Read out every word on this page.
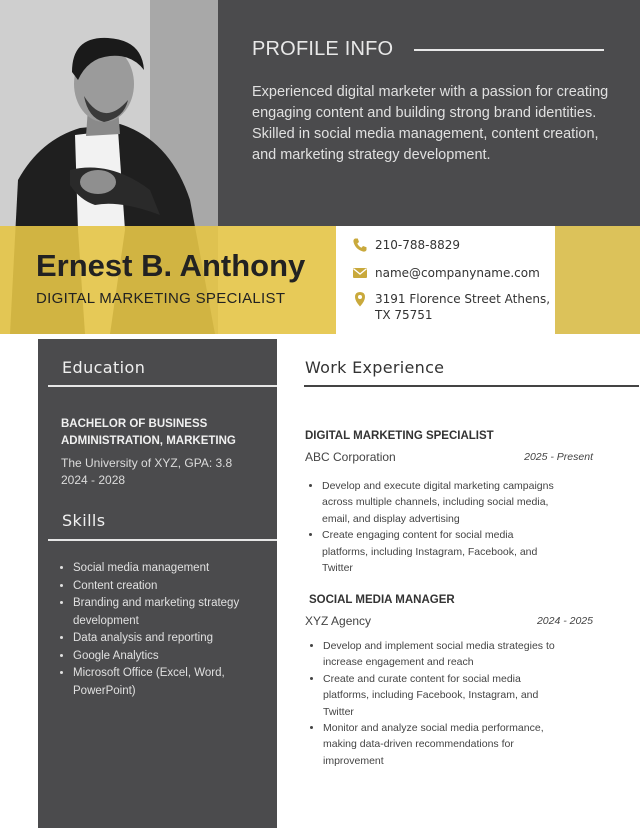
PROFILE INFO
Experienced digital marketer with a passion for creating engaging content and building strong brand identities. Skilled in social media management, content creation, and marketing strategy development.
Ernest B. Anthony
DIGITAL MARKETING SPECIALIST
210-788-8829
name@companyname.com
3191 Florence Street Athens, TX 75751
Education
BACHELOR OF BUSINESS ADMINISTRATION, MARKETING
The University of XYZ, GPA: 3.8
2024 - 2028
Skills
• Social media management
• Content creation
• Branding and marketing strategy development
• Data analysis and reporting
• Google Analytics
• Microsoft Office (Excel, Word, PowerPoint)
Work Experience
DIGITAL MARKETING SPECIALIST
ABC Corporation	2025 - Present
• Develop and execute digital marketing campaigns across multiple channels, including social media, email, and display advertising
• Create engaging content for social media platforms, including Instagram, Facebook, and Twitter
SOCIAL MEDIA MANAGER
XYZ Agency	2024 - 2025
• Develop and implement social media strategies to increase engagement and reach
• Create and curate content for social media platforms, including Facebook, Instagram, and Twitter
• Monitor and analyze social media performance, making data-driven recommendations for improvement
